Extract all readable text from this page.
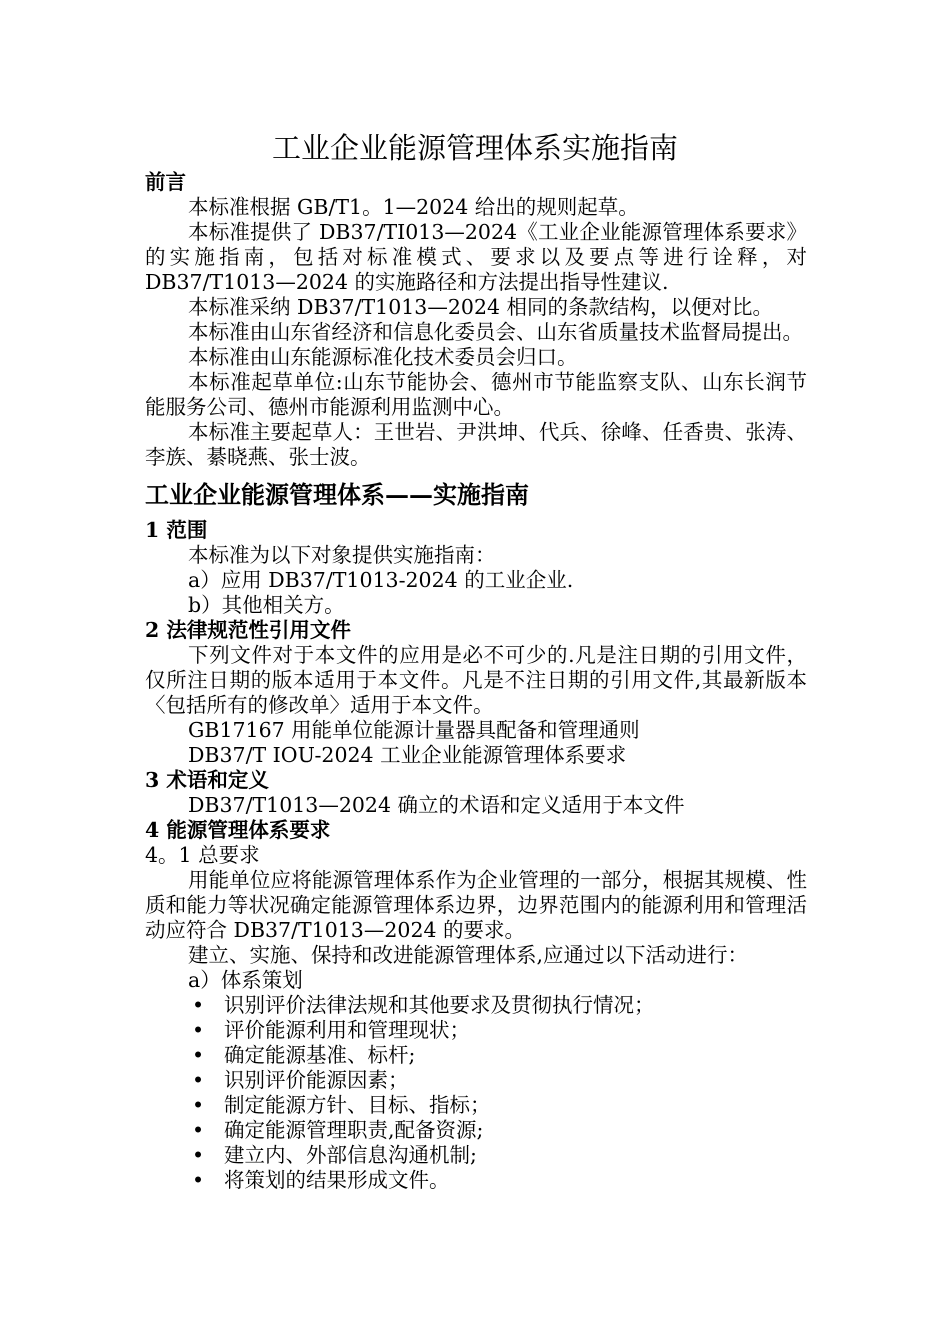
工业企业能源管理体系实施指南

前言

本标准根据 GB/T1。1—2024 给出的规则起草。

本标准提供了 DB37/TI013—2024《工业企业能源管理体系要求》的实施指南，包括对标准模式、要求以及要点等进行诠释，对 DB37/T1013—2024 的实施路径和方法提出指导性建议.

本标准采纳 DB37/T1013—2024 相同的条款结构，以便对比。

本标准由山东省经济和信息化委员会、山东省质量技术监督局提出。

本标准由山东能源标准化技术委员会归口。

本标准起草单位:山东节能协会、德州市节能监察支队、山东长润节能服务公司、德州市能源利用监测中心。

本标准主要起草人：王世岩、尹洪坤、代兵、徐峰、任香贵、张涛、李族、綦晓燕、张士波。

工业企业能源管理体系——实施指南

1 范围

本标准为以下对象提供实施指南：

a）应用 DB37/T1013-2024 的工业企业.

b）其他相关方。

2 法律规范性引用文件

下列文件对于本文件的应用是必不可少的.凡是注日期的引用文件，仅所注日期的版本适用于本文件。凡是不注日期的引用文件,其最新版本〈包括所有的修改单〉适用于本文件。

GB17167 用能单位能源计量器具配备和管理通则

DB37/T IOU-2024 工业企业能源管理体系要求

3 术语和定义

DB37/T1013—2024 确立的术语和定义适用于本文件

4 能源管理体系要求

4。1 总要求

用能单位应将能源管理体系作为企业管理的一部分，根据其规模、性质和能力等状况确定能源管理体系边界，边界范围内的能源利用和管理活动应符合 DB37/T1013—2024 的要求。

建立、实施、保持和改进能源管理体系,应通过以下活动进行：

a）体系策划

• 识别评价法律法规和其他要求及贯彻执行情况；
• 评价能源利用和管理现状；
• 确定能源基准、标杆;
• 识别评价能源因素；
• 制定能源方针、目标、指标；
• 确定能源管理职责,配备资源;
• 建立内、外部信息沟通机制;
• 将策划的结果形成文件。
